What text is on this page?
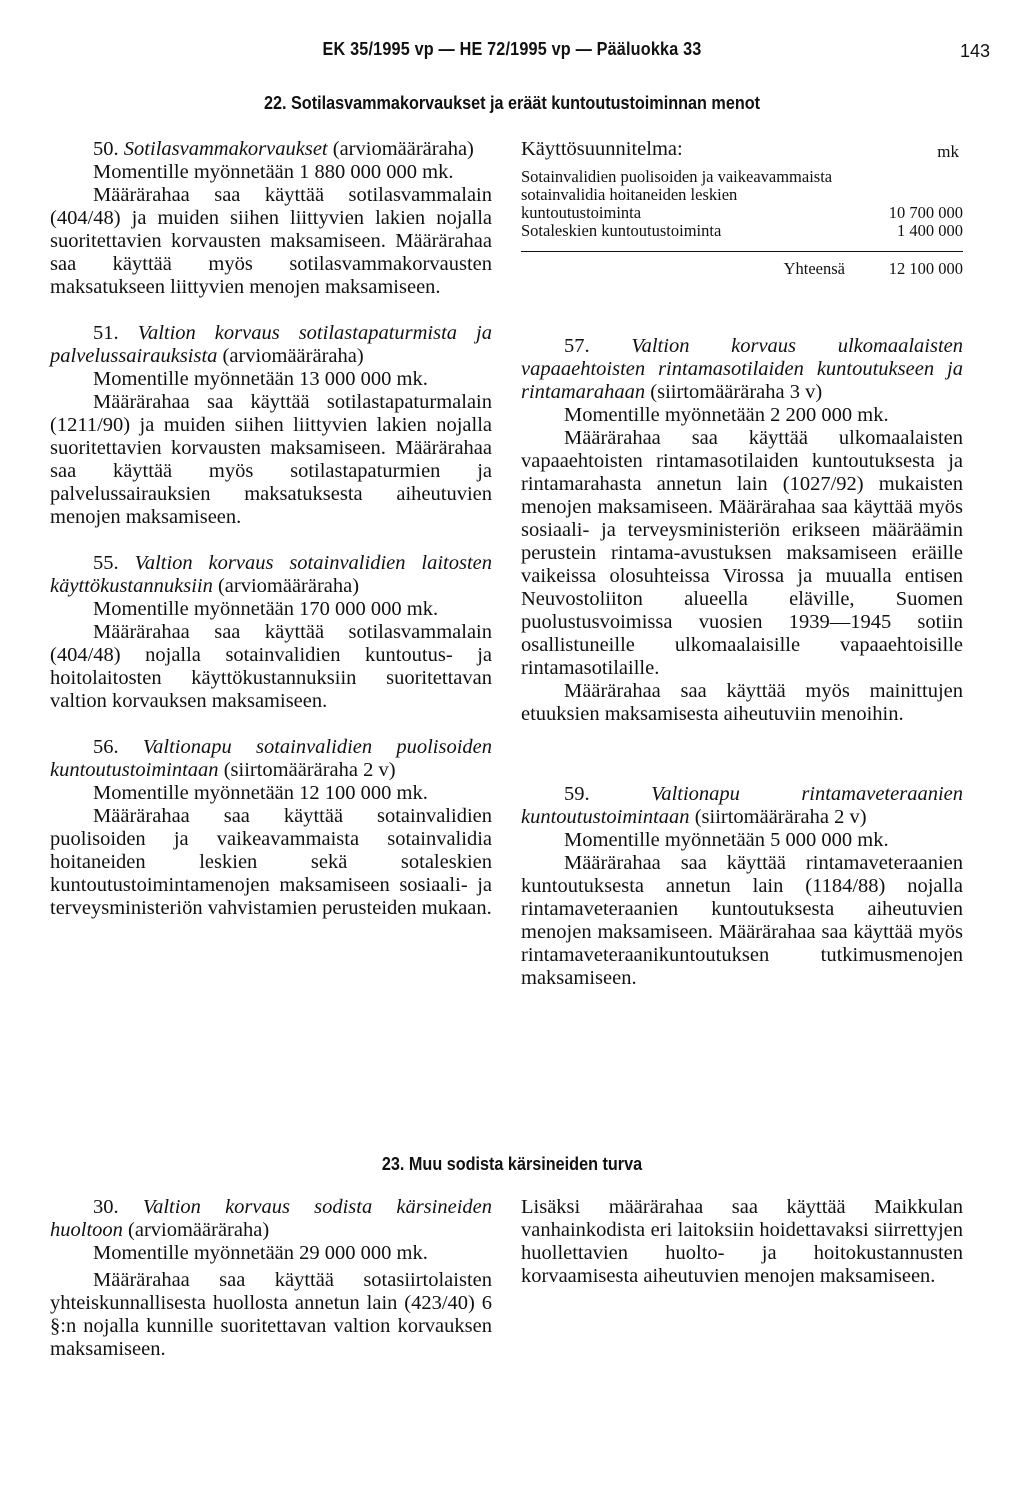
EK 35/1995 vp — HE 72/1995 vp — Pääluokka 33	143
22. Sotilasvammakorvaukset ja eräät kuntoutustoiminnan menot

50. Sotilasvammakorvaukset (arviomääräraha)

Momentille myönnetään 1 880 000 000 mk.

Määrärahaa saa käyttää sotilasvammalain (404/48) ja muiden siihen liittyvien lakien nojalla suoritettavien korvausten maksamiseen. Määrärahaa saa käyttää myös sotilasvammakorvausten maksatukseen liittyvien menojen maksamiseen.

51. Valtion korvaus sotilastapaturmista ja palvelussairauksista (arviomääräraha)

Momentille myönnetään 13 000 000 mk.

Määrärahaa saa käyttää sotilastapaturmalain (1211/90) ja muiden siihen liittyvien lakien nojalla suoritettavien korvausten maksamiseen. Määrärahaa saa käyttää myös sotilastapaturmien ja palvelussairauksien maksatuksesta aiheutuvien menojen maksamiseen.

55. Valtion korvaus sotainvalidien laitosten käyttökustannuksiin (arviomääräraha)

Momentille myönnetään 170 000 000 mk.

Määrärahaa saa käyttää sotilasvammalain (404/48) nojalla sotainvalidien kuntoutus- ja hoitolaitosten käyttökustannuksiin suoritettavan valtion korvauksen maksamiseen.

56. Valtionapu sotainvalidien puolisoiden kuntoutustoimintaan (siirtomääräraha 2 v)

Momentille myönnetään 12 100 000 mk.

Määrärahaa saa käyttää sotainvalidien puolisoiden ja vaikeavammaista sotainvalidia hoitaneiden leskien sekä sotaleskien kuntoutustoimintamenojen maksamiseen sosiaali- ja terveysministeriön vahvistamien perusteiden mukaan.

Käyttösuunnitelma:	mk
Sotainvalidien puolisoiden ja vaikeavammaista sotainvalidia hoitaneiden leskien kuntoutustoiminta	10 700 000
Sotaleskien kuntoutustoiminta	1 400 000
Yhteensä	12 100 000

57. Valtion korvaus ulkomaalaisten vapaaehtoisten rintamasotilaiden kuntoutukseen ja rintamarahaan (siirtomääräraha 3 v)

Momentille myönnetään 2 200 000 mk.

Määrärahaa saa käyttää ulkomaalaisten vapaaehtoisten rintamasotilaiden kuntoutuksesta ja rintamarahasta annetun lain (1027/92) mukaisten menojen maksamiseen. Määrärahaa saa käyttää myös sosiaali- ja terveysministeriön erikseen määräämin perustein rintama-avustuksen maksamiseen eräille vaikeissa olosuhteissa Virossa ja muualla entisen Neuvostoliiton alueella eläville, Suomen puolustusvoimissa vuosien 1939—1945 sotiin osallistuneille ulkomaalaisille vapaaehtoisille rintamasotilaille.

Määrärahaa saa käyttää myös mainittujen etuuksien maksamisesta aiheutuviin menoihin.

59.	Valtionapu rintamaveteraanien kuntoutustoimintaan (siirtomääräraha 2 v)

Momentille myönnetään 5 000 000 mk.

Määrärahaa saa käyttää rintamaveteraanien kuntoutuksesta annetun lain (1184/88) nojalla rintamaveteraanien kuntoutuksesta aiheutuvien menojen maksamiseen. Määrärahaa saa käyttää myös rintamaveteraanikuntoutuksen tutkimusmenojen maksamiseen.

23. Muu sodista kärsineiden turva

30. Valtion korvaus sodista kärsineiden huoltoon (arviomääräraha)

Momentille myönnetään 29 000 000 mk.

Määrärahaa saa käyttää sotasiirtolaisten yhteiskunnallisesta huollosta annetun lain (423/40) 6 §:n nojalla kunnille suoritettavan valtion korvauksen maksamiseen.

Lisäksi määrärahaa saa käyttää Maikkulan vanhainkodista eri laitoksiin hoidettavaksi siirrettyjen huollettavien huolto- ja hoitokustannusten korvaamisesta aiheutuvien menojen maksamiseen.
